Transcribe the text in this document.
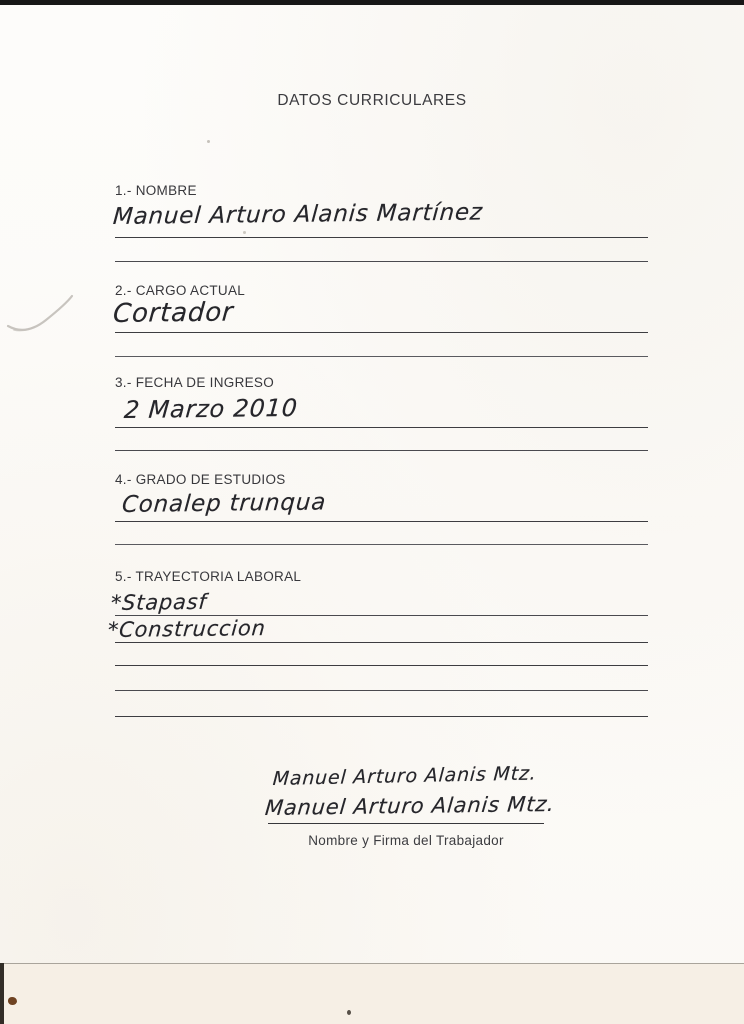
DATOS CURRICULARES
1.- NOMBRE
Manuel Arturo Alanis Martínez
2.- CARGO ACTUAL
Cortador
3.- FECHA DE INGRESO
2 Marzo 2010
4.- GRADO DE ESTUDIOS
Conalep trunqua
5.- TRAYECTORIA LABORAL
*Stapasf
*Construccion
Manuel Arturo Alanis Mtz.
Manuel Arturo Alanis Mtz.
Nombre y Firma del Trabajador
